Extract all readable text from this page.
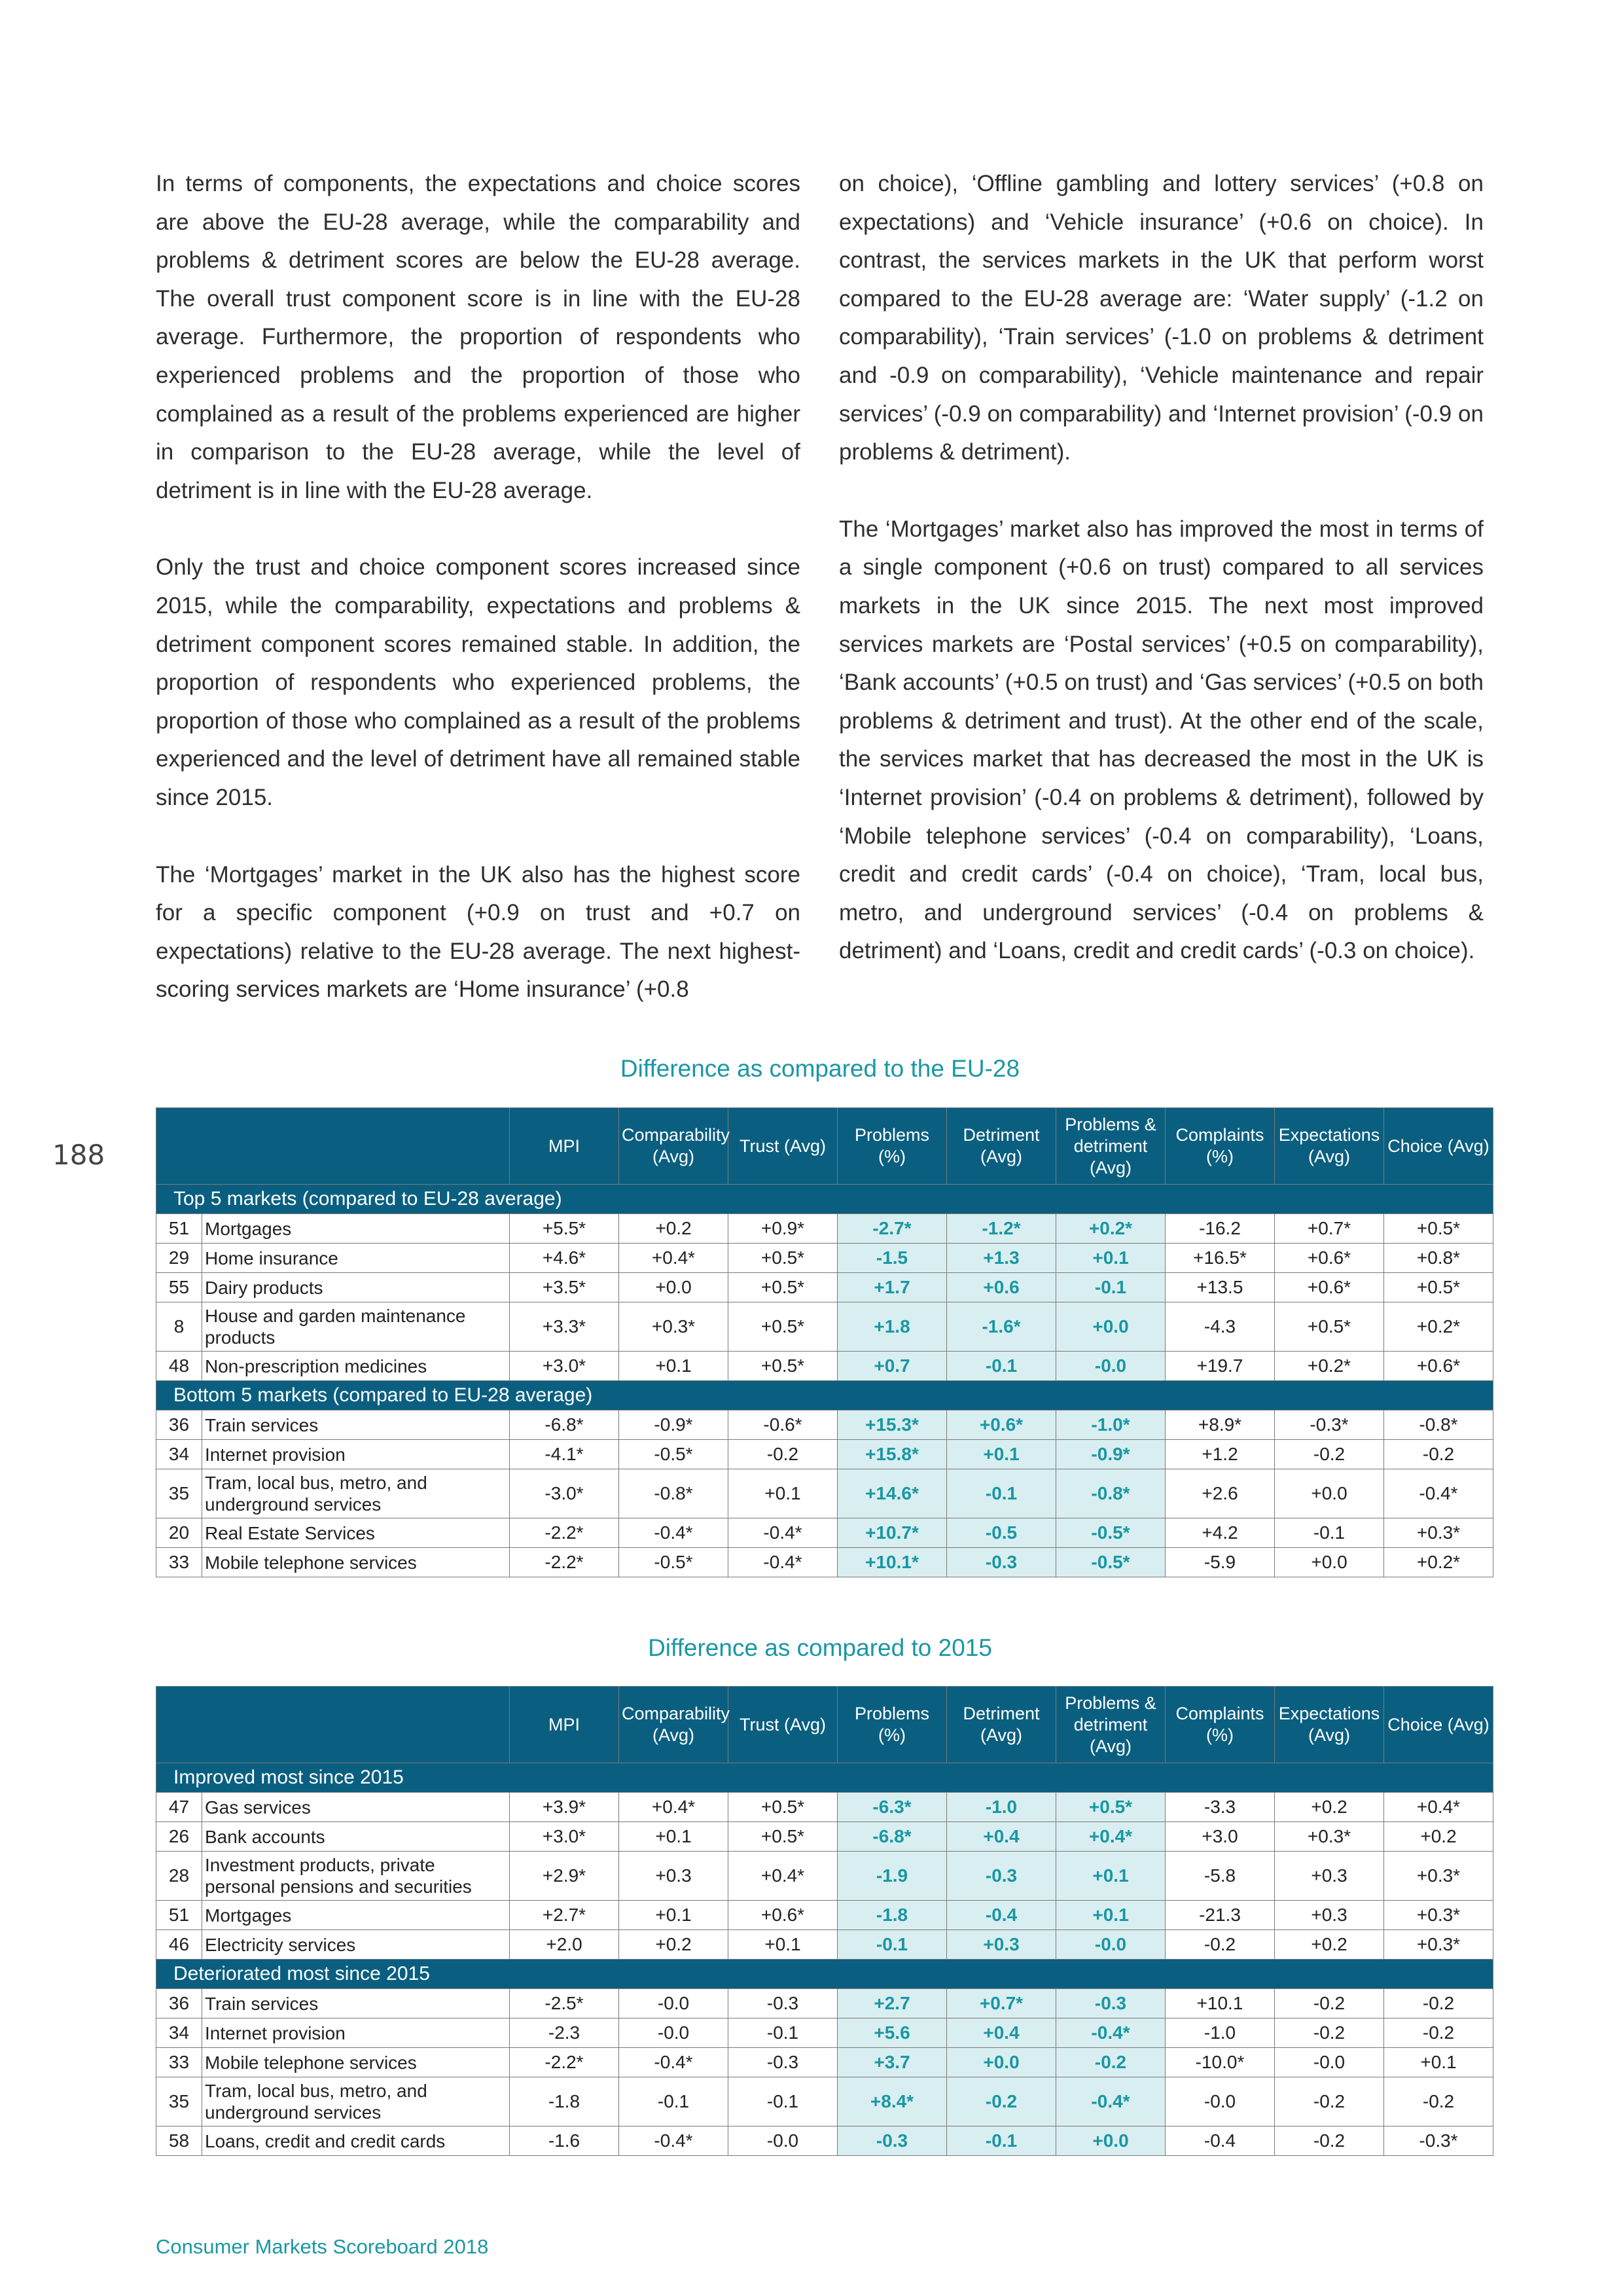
In terms of components, the expectations and choice scores are above the EU-28 average, while the comparability and problems & detriment scores are below the EU-28 average. The overall trust component score is in line with the EU-28 average. Furthermore, the proportion of respondents who experienced problems and the proportion of those who complained as a result of the problems experienced are higher in comparison to the EU-28 average, while the level of detriment is in line with the EU-28 average.

Only the trust and choice component scores increased since 2015, while the comparability, expectations and problems & detriment component scores remained stable. In addition, the proportion of respondents who experienced problems, the proportion of those who complained as a result of the problems experienced and the level of detriment have all remained stable since 2015.

The ‘Mortgages’ market in the UK also has the highest score for a specific component (+0.9 on trust and +0.7 on expectations) relative to the EU-28 average. The next highest-scoring services markets are ‘Home insurance’ (+0.8

on choice), ‘Offline gambling and lottery services’ (+0.8 on expectations) and ‘Vehicle insurance’ (+0.6 on choice). In contrast, the services markets in the UK that perform worst compared to the EU-28 average are: ‘Water supply’ (-1.2 on comparability), ‘Train services’ (-1.0 on problems & detriment and -0.9 on comparability), ‘Vehicle maintenance and repair services’ (-0.9 on comparability) and ‘Internet provision’ (-0.9 on problems & detriment).

The ‘Mortgages’ market also has improved the most in terms of a single component (+0.6 on trust) compared to all services markets in the UK since 2015. The next most improved services markets are ‘Postal services’ (+0.5 on comparability), ‘Bank accounts’ (+0.5 on trust) and ‘Gas services’ (+0.5 on both problems & detriment and trust). At the other end of the scale, the services market that has decreased the most in the UK is ‘Internet provision’ (-0.4 on problems & detriment), followed by ‘Mobile telephone services’ (-0.4 on comparability), ‘Loans, credit and credit cards’ (-0.4 on choice), ‘Tram, local bus, metro, and underground services’ (-0.4 on problems & detriment) and ‘Loans, credit and credit cards’ (-0.3 on choice).

188
Difference as compared to the EU-28
		MPI	Comparability (Avg)	Trust (Avg)	Problems (%)	Detriment (Avg)	Problems & detriment (Avg)	Complaints (%)	Expectations (Avg)	Choice (Avg)
Top 5 markets (compared to EU-28 average)										
51	Mortgages	+5.5*	+0.2	+0.9*	-2.7*	-1.2*	+0.2*	-16.2	+0.7*	+0.5*
29	Home insurance	+4.6*	+0.4*	+0.5*	-1.5	+1.3	+0.1	+16.5*	+0.6*	+0.8*
55	Dairy products	+3.5*	+0.0	+0.5*	+1.7	+0.6	-0.1	+13.5	+0.6*	+0.5*
8	House and garden maintenance products	+3.3*	+0.3*	+0.5*	+1.8	-1.6*	+0.0	-4.3	+0.5*	+0.2*
48	Non-prescription medicines	+3.0*	+0.1	+0.5*	+0.7	-0.1	-0.0	+19.7	+0.2*	+0.6*
Bottom 5 markets (compared to EU-28 average)										
36	Train services	-6.8*	-0.9*	-0.6*	+15.3*	+0.6*	-1.0*	+8.9*	-0.3*	-0.8*
34	Internet provision	-4.1*	-0.5*	-0.2	+15.8*	+0.1	-0.9*	+1.2	-0.2	-0.2
35	Tram, local bus, metro, and underground services	-3.0*	-0.8*	+0.1	+14.6*	-0.1	-0.8*	+2.6	+0.0	-0.4*
20	Real Estate Services	-2.2*	-0.4*	-0.4*	+10.7*	-0.5	-0.5*	+4.2	-0.1	+0.3*
33	Mobile telephone services	-2.2*	-0.5*	-0.4*	+10.1*	-0.3	-0.5*	-5.9	+0.0	+0.2*
Difference as compared to 2015
		MPI	Comparability (Avg)	Trust (Avg)	Problems (%)	Detriment (Avg)	Problems & detriment (Avg)	Complaints (%)	Expectations (Avg)	Choice (Avg)
Improved most since 2015										
47	Gas services	+3.9*	+0.4*	+0.5*	-6.3*	-1.0	+0.5*	-3.3	+0.2	+0.4*
26	Bank accounts	+3.0*	+0.1	+0.5*	-6.8*	+0.4	+0.4*	+3.0	+0.3*	+0.2
28	Investment products, private personal pensions and securities	+2.9*	+0.3	+0.4*	-1.9	-0.3	+0.1	-5.8	+0.3	+0.3*
51	Mortgages	+2.7*	+0.1	+0.6*	-1.8	-0.4	+0.1	-21.3	+0.3	+0.3*
46	Electricity services	+2.0	+0.2	+0.1	-0.1	+0.3	-0.0	-0.2	+0.2	+0.3*
Deteriorated most since 2015										
36	Train services	-2.5*	-0.0	-0.3	+2.7	+0.7*	-0.3	+10.1	-0.2	-0.2
34	Internet provision	-2.3	-0.0	-0.1	+5.6	+0.4	-0.4*	-1.0	-0.2	-0.2
33	Mobile telephone services	-2.2*	-0.4*	-0.3	+3.7	+0.0	-0.2	-10.0*	-0.0	+0.1
35	Tram, local bus, metro, and underground services	-1.8	-0.1	-0.1	+8.4*	-0.2	-0.4*	-0.0	-0.2	-0.2
58	Loans, credit and credit cards	-1.6	-0.4*	-0.0	-0.3	-0.1	+0.0	-0.4	-0.2	-0.3*
Consumer Markets Scoreboard 2018
